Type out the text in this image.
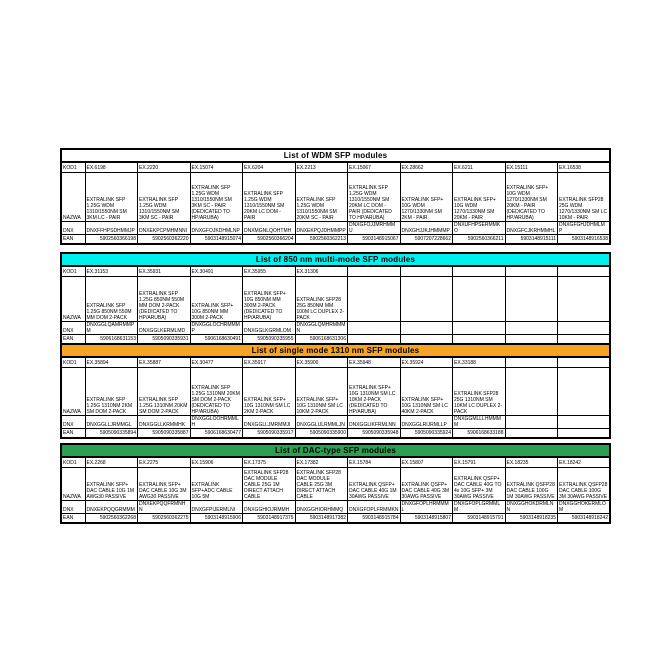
List of WDM SFP modules
KOD1	EX.6198	EX.2220	EX.15074	EX.6204	EX.2213	EX.15067	EX.28662	EX.6211	EX.15111	EX.16538
NAZWA	EXTRALINK SFP 1.25G WDM 1310/1550NM SM 3KM LC - PAIR	EXTRALINK SFP 1.25G WDM 1310/1550NM SM 3KM SC - PAIR	EXTRALINK SFP 1.25G WDM 1310/1550NM SM 3KM SC - PAIR (DEDICATED TO HP/ARUBA)	EXTRALINK SFP 1.25G WDM 1310/1550NM SM 20KM LC DOM - PAIR	EXTRALINK SFP 1.25G WDM 1310/1550NM SM 20KM SC - PAIR	EXTRALINK SFP 1.25G WDM 1310/1550NM SM 20KM LC DOM - PAIR (DEDICATED TO HP/ARUBA)	EXTRALINK SFP+ 10G WDM 1270/1330NM SM 2KM - PAIR	EXTRALINK SFP+ 10G WDM 1270/1330NM SM 20KM - PAIR	EXTRALINK SFP+ 10G WDM 1270/1330NM SM 20KM - PAIR (DEDICATED TO HP/ARUBA)	EXTRALINK SFP28 25G WDM 1270/1330NM SM LC 10KM - PAIR
DNX	DNXFFHPSDHMMJP	DNXEKPCPMHMNNI	DNXGFOJKDHMLNP	DNXMGNLQOHTMH	DNXEKPQJDHMMPP	DNXGFOJJMRHMMU	DNXGHJJKJHMMMP	DNXUFHPSERMMKO	DNXGFCJKRHMMHL	DNXGFGHJDHMLMP
EAN	5902560366198	5902560362220	5903148915074	5902560366204	5902560362213	5903148915067	5907207228662	5902560366211	5903148915111	5903148916538
List of 850 nm multi-mode SFP modules
KOD1	EX.31153	EX.35931	EX.30491	EX.35955	EX.31306					
NAZWA	EXTRALINK SFP 1.25G 850NM 550M MM DOM 2-PACK	EXTRALINK SFP 1.25G 850NM 550M MM DOM 2-PACK (DEDICATED TO HP/ARUBA)	EXTRALINK SFP+ 10G 850NM MM 300M 2-PACK	EXTRALINK SFP+ 10G 850NM MM 300M 2-PACK (DEDICATED TO HP/ARUBA)	EXTRALINK SFP28 25G 850NM MM 100M LC DUPLEX 2-PACK					
DNX	DNXGGLQAMRMMPM	DNXGGLKERMLMD	DNXGGLOCHRMMMP	DNXGGLKGRMLOM	DNXGGLQMHRMMMN					
EAN	5906168631153	5905090335931	5906168630491	5905090335955	5906168631306					
List of single mode 1310 nm SFP modules
KOD1	EX.35894	EX.35887	EX.30477	EX.35917	EX.35900	EX.35948	EX.35924	EX.33188		
NAZWA	EXTRALINK SFP 1.25G 1310NM 2KM SM DOM 2-PACK	EXTRALINK SFP 1.25G 1310NM 20KM SM DOM 2-PACK	EXTRALINK SFP 1.25G 1310NM 20KM SM DOM 2-PACK (DEDICATED TO HP/ARUBA)	EXTRALINK SFP+ 10G 1310NM SM LC 2KM 2-PACK	EXTRALINK SFP+ 10G 1310NM SM LC 10KM 2-PACK	EXTRALINK SFP+ 10G 1310NM SM LC 10KM 2-PACK (DEDICATED TO HP/ARUBA)	EXTRALINK SFP+ 10G 1310NM SM LC 40KM 2-PACK	EXTRALINK SFP28 25G 1310NM SM 10KM LC DUPLEX 2-PACK		
DNX	DNXGGLLJRMMGL	DNXGGLLKRMMHK	DNXGGLOOHRMMLH	DNXGGLLJMRMMJI	DNXGGLULRMMLJN	DNXGGLIKFRMLNN	DNXGGLRIJRMLLP	DNXGGMLLLHMMMM		
EAN	5905090335894	5905090335887	5906168630477	5905090335917	5905090335900	5905090335948	5905090335924	5906168633188		
List of DAC-type SFP modules
KOD1	EX.2268	EX.2275	EX.15906	EX.17375	EX.17382	EX.15784	EX.15807	EX.15791	EX.18235	EX.18242
NAZWA	EXTRALINK SFP+ DAC CABLE 10G 1M AWG30 PASSIVE	EXTRALINK SFP+ DAC CABLE 10G 3M AWG30 PASSIVE	EXTRALINK SFP+ADC CABLE 10G 5M	EXTRALINK SFP28 DAC MODULE CABLE 25G 1M DIRECT ATTACH CABLE	EXTRALINK SFP28 DAC MODULE CABLE 25G 3M DIRECT ATTACH CABLE	EXTRALINK QSFP+ DAC CABLE 40G 1M 30AWG PASSIVE	EXTRALINK QSFP+ DAC CABLE 40G 3M 30AWG PASSIVE	EXTRALINK QSFP+ DAC CABLE 40G TO 4x 10G SFP+ 3M 30AWG PASSIVE	EXTRALINK QSFP28 DAC CABLE 100G 1M 30AWG PASSIVE	EXTRALINK QSFP28 DAC CABLE 100G 3M 30AWG PASSIVE
DNX	DNXEKPQQGRMMM	DNXEKPQQFRMNHN	DNXGFPIJERMLNI	DNXGGHIOJRMMH	DNXGGHIORHMMQ	DNXGFOPLFRMMKN	DNXGFOPLHRMMML	DNXGFOPLGRMMLM	DNXGGHOKDRMLNN	DNXGGHOKERMLOM
EAN	5902560362268	5902560362275	5903148915906	5903148917375	5903148917382	5903148915784	5903148915807	5903148915791	5903148918235	5903148918242
